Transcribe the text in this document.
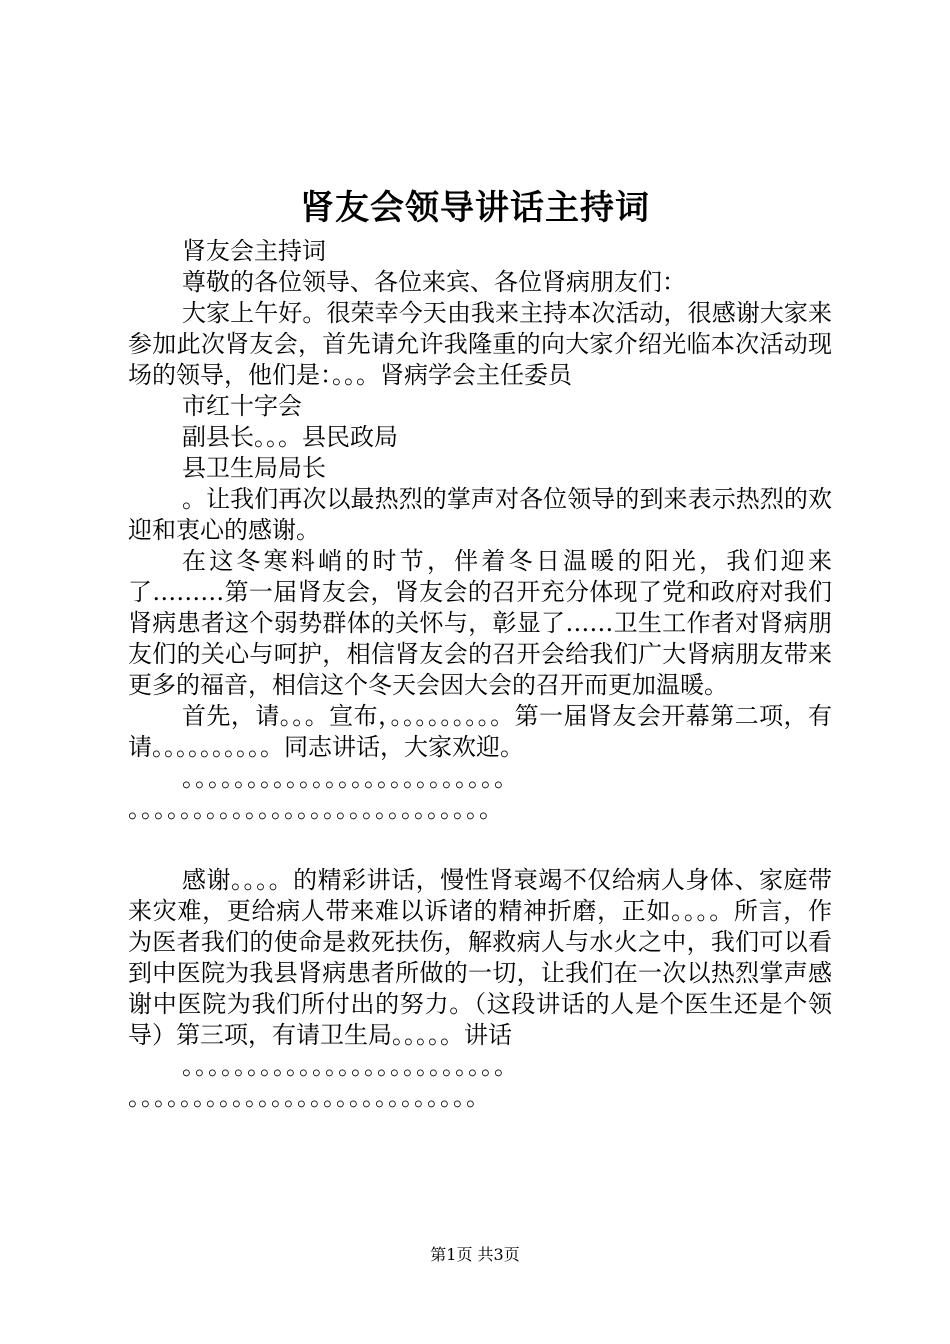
肾友会领导讲话主持词

肾友会主持词

尊敬的各位领导、各位来宾、各位肾病朋友们：

大家上午好。很荣幸今天由我来主持本次活动，很感谢大家来参加此次肾友会，首先请允许我隆重的向大家介绍光临本次活动现场的领导，他们是：。。。肾病学会主任委员

市红十字会

副县长。。。县民政局

县卫生局局长

。让我们再次以最热烈的掌声对各位领导的到来表示热烈的欢迎和衷心的感谢。

在这冬寒料峭的时节，伴着冬日温暖的阳光，我们迎来了………第一届肾友会，肾友会的召开充分体现了党和政府对我们肾病患者这个弱势群体的关怀与，彰显了……卫生工作者对肾病朋友们的关心与呵护，相信肾友会的召开会给我们广大肾病朋友带来更多的福音，相信这个冬天会因大会的召开而更加温暖。

首先，请。。。宣布，。。。。。。。。。第一届肾友会开幕第二项，有请。。。。。。。。。。同志讲话，大家欢迎。

。。。。。。。。。。。。。。。。。。。。。。。。。

。。。。。。。。。。。。。。。。。。。。。。。。。。。。

感谢。。。。的精彩讲话，慢性肾衰竭不仅给病人身体、家庭带来灾难，更给病人带来难以诉诸的精神折磨，正如。。。。所言，作为医者我们的使命是救死扶伤，解救病人与水火之中，我们可以看到中医院为我县肾病患者所做的一切，让我们在一次以热烈掌声感谢中医院为我们所付出的努力。（这段讲话的人是个医生还是个领导）第三项，有请卫生局。。。。。讲话

。。。。。。。。。。。。。。。。。。。。。。。。。

。。。。。。。。。。。。。。。。。。。。。。。。。。。

第1页 共3页
